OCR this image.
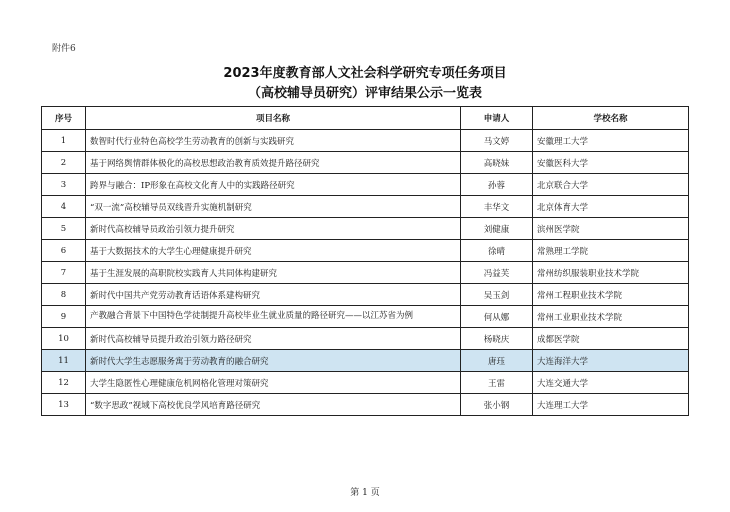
附件6
2023年度教育部人文社会科学研究专项任务项目
（高校辅导员研究）评审结果公示一览表
序号	项目名称	申请人	学校名称
1	数智时代行业特色高校学生劳动教育的创新与实践研究	马文婷	安徽理工大学
2	基于网络舆情群体极化的高校思想政治教育质效提升路径研究	高晓妹	安徽医科大学
3	跨界与融合：IP形象在高校文化育人中的实践路径研究	孙蓉	北京联合大学
4	“双一流”高校辅导员双线晋升实施机制研究	丰华文	北京体育大学
5	新时代高校辅导员政治引领力提升研究	刘健康	滨州医学院
6	基于大数据技术的大学生心理健康提升研究	徐晴	常熟理工学院
7	基于生涯发展的高职院校实践育人共同体构建研究	冯益芙	常州纺织服装职业技术学院
8	新时代中国共产党劳动教育话语体系建构研究	吴玉剑	常州工程职业技术学院
9	产教融合背景下中国特色学徒制提升高校毕业生就业质量的路径研究——以江苏省为例	何从娜	常州工业职业技术学院
10	新时代高校辅导员提升政治引领力路径研究	杨晓庆	成都医学院
11	新时代大学生志愿服务寓于劳动教育的融合研究	唐珏	大连海洋大学
12	大学生隐匿性心理健康危机网格化管理对策研究	王雷	大连交通大学
13	“数字思政”视域下高校优良学风培育路径研究	张小钢	大连理工大学
第 1 页
